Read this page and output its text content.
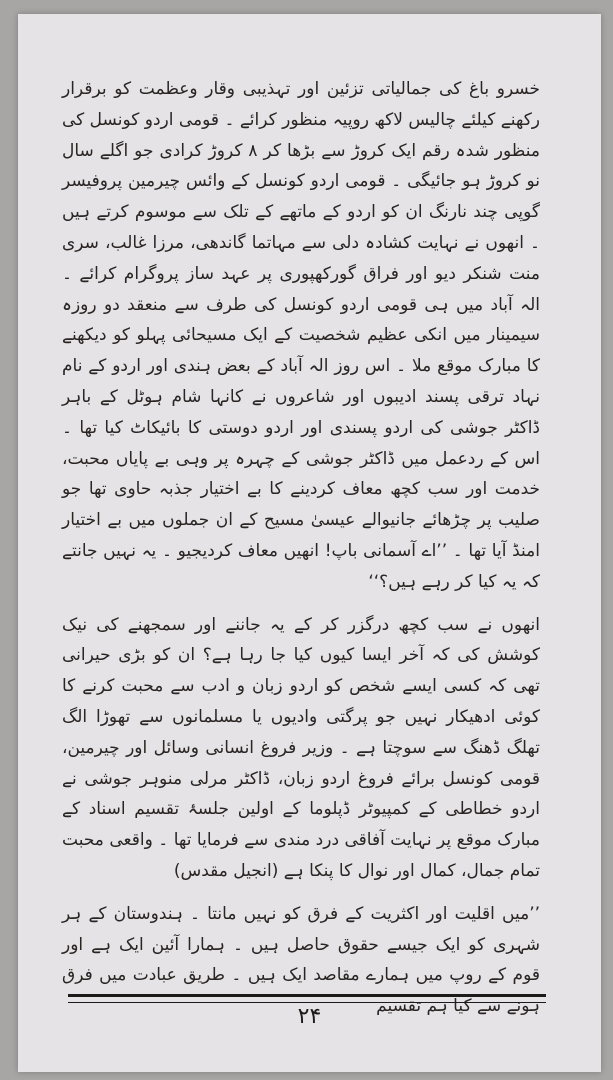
خسرو باغ کی جمالیاتی تزئین اور تہذیبی وقار وعظمت کو برقرار رکھنے کیلئے چالیس لاکھ روپیہ منظور کرائے ۔ قومی اردو کونسل کی منظور شدہ رقم ایک کروڑ سے بڑھا کر ۸ کروڑ کرادی جو اگلے سال نو کروڑ ہو جائیگی ۔ قومی اردو کونسل کے وائس چیرمین پروفیسر گوپی چند نارنگ ان کو اردو کے ماتھے کے تلک سے موسوم کرتے ہیں ۔ انھوں نے نہایت کشادہ دلی سے مہاتما گاندھی، مرزا غالب، سری منت شنکر دیو اور فراق گورکھپوری پر عہد ساز پروگرام کرائے ۔ الہ آباد میں ہی قومی اردو کونسل کی طرف سے منعقد دو روزہ سیمینار میں انکی عظیم شخصیت کے ایک مسیحائی پہلو کو دیکھنے کا مبارک موقع ملا ۔ اس روز الہ آباد کے بعض ہندی اور اردو کے نام نہاد ترقی پسند ادیبوں اور شاعروں نے کانہا شام ہوٹل کے باہر ڈاکٹر جوشی کی اردو پسندی اور اردو دوستی کا بائیکاٹ کیا تھا ۔ اس کے ردعمل میں ڈاکٹر جوشی کے چہرہ پر وہی بے پایاں محبت، خدمت اور سب کچھ معاف کردینے کا بے اختیار جذبہ حاوی تھا جو صلیب پر چڑھائے جانیوالے عیسیٰ مسیح کے ان جملوں میں بے اختیار امنڈ آیا تھا ۔ ’’اے آسمانی باپ! انھیں معاف کردیجیو ۔ یہ نہیں جانتے کہ یہ کیا کر رہے ہیں؟‘‘

انھوں نے سب کچھ درگزر کر کے یہ جاننے اور سمجھنے کی نیک کوشش کی کہ آخر ایسا کیوں کیا جا رہا ہے؟ ان کو بڑی حیرانی تھی کہ کسی ایسے شخص کو اردو زبان و ادب سے محبت کرنے کا کوئی ادھیکار نہیں جو پرگتی وادیوں یا مسلمانوں سے تھوڑا الگ تھلگ ڈھنگ سے سوچتا ہے ۔ وزیر فروغ انسانی وسائل اور چیرمین، قومی کونسل برائے فروغ اردو زبان، ڈاکٹر مرلی منوہر جوشی نے اردو خطاطی کے کمپیوٹر ڈپلوما کے اولین جلسۂ تقسیم اسناد کے مبارک موقع پر نہایت آفاقی درد مندی سے فرمایا تھا ۔ واقعی محبت تمام جمال، کمال اور نوال کا پنکا ہے (انجیل مقدس)

’’میں اقلیت اور اکثریت کے فرق کو نہیں مانتا ۔ ہندوستان کے ہر شہری کو ایک جیسے حقوق حاصل ہیں ۔ ہمارا آئین ایک ہے اور قوم کے روپ میں ہمارے مقاصد ایک ہیں ۔ طریق عبادت میں فرق ہونے سے کیا ہم تقسیم

۲۴
